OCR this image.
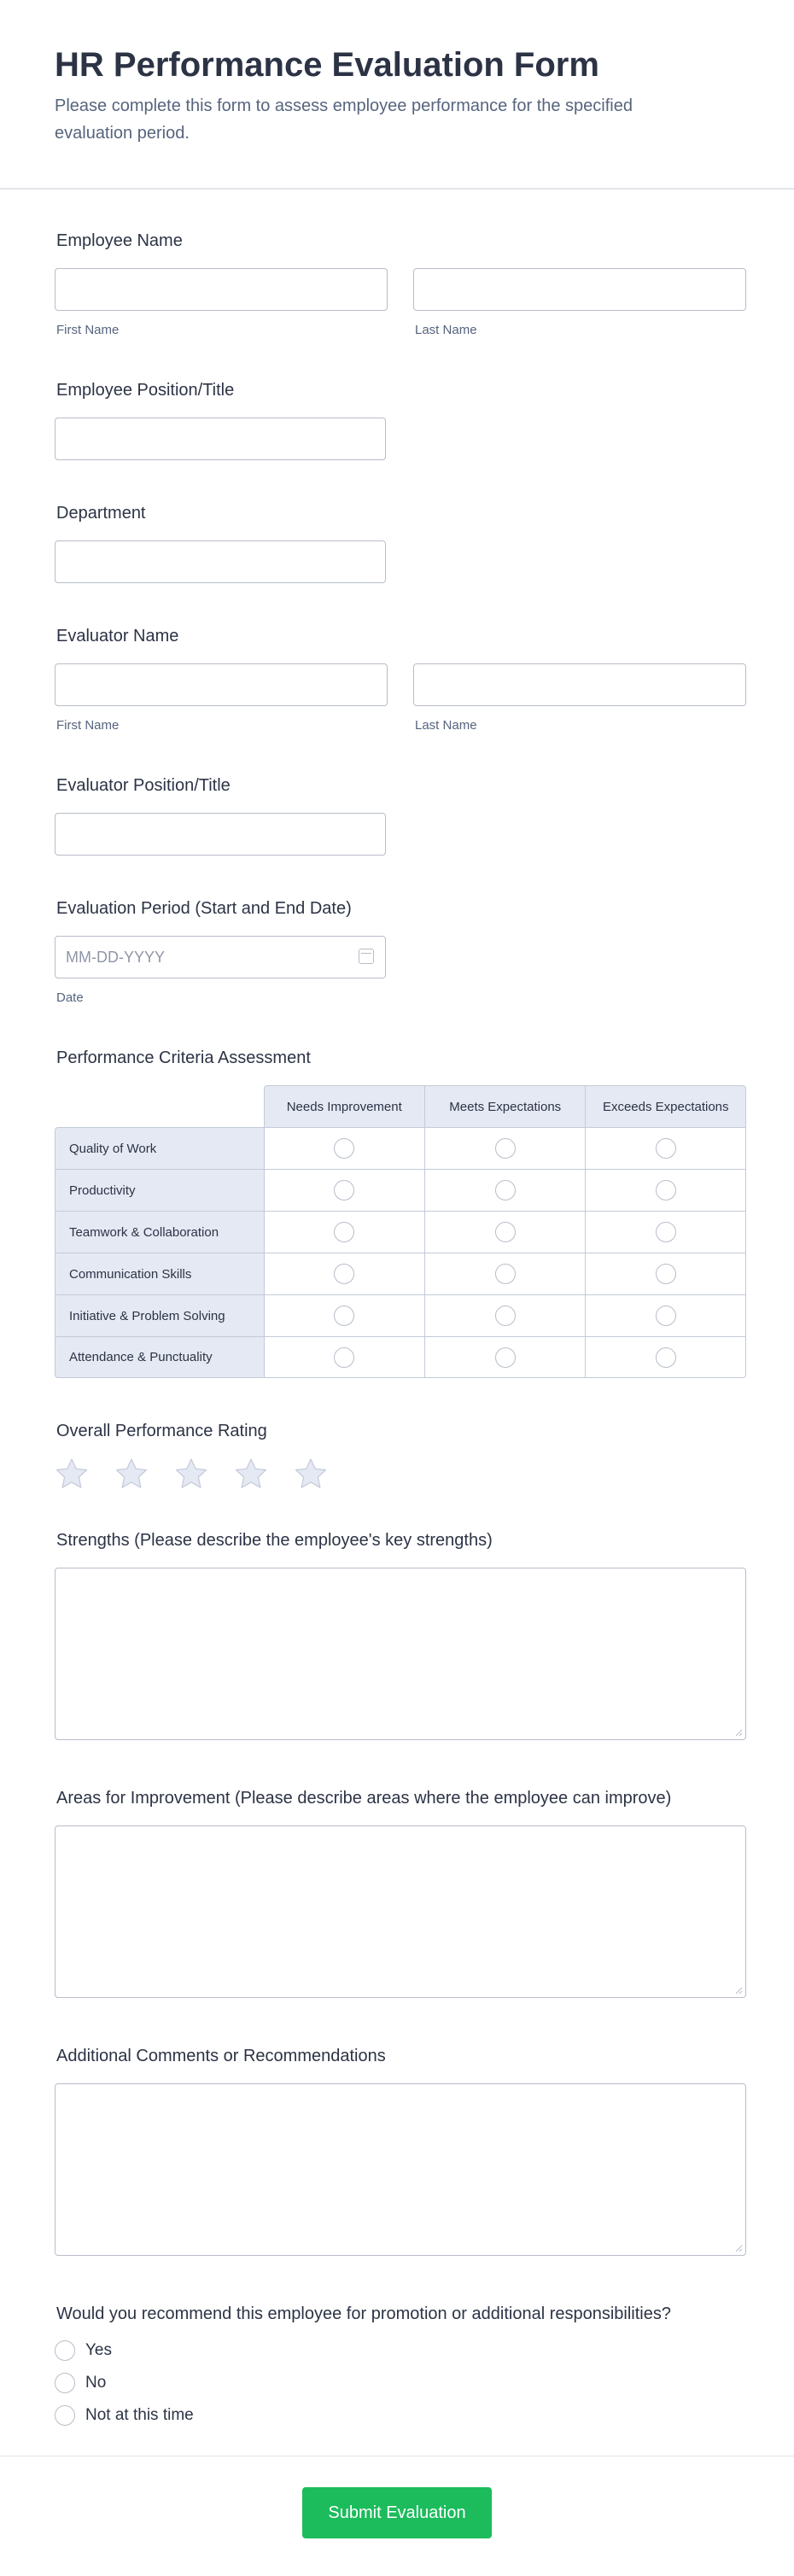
HR Performance Evaluation Form

Please complete this form to assess employee performance for the specified evaluation period.

Employee Name
First Name	Last Name
Employee Position/Title
Department
Evaluator Name
First Name	Last Name
Evaluator Position/Title
Evaluation Period (Start and End Date)
MM-DD-YYYY
Date
Performance Criteria Assessment
	Needs Improvement	Meets Expectations	Exceeds Expectations
Quality of Work			
Productivity			
Teamwork & Collaboration			
Communication Skills			
Initiative & Problem Solving			
Attendance & Punctuality			
Overall Performance Rating
Strengths (Please describe the employee's key strengths)
Areas for Improvement (Please describe areas where the employee can improve)
Additional Comments or Recommendations
Would you recommend this employee for promotion or additional responsibilities?
Yes
No
Not at this time
Submit Evaluation
